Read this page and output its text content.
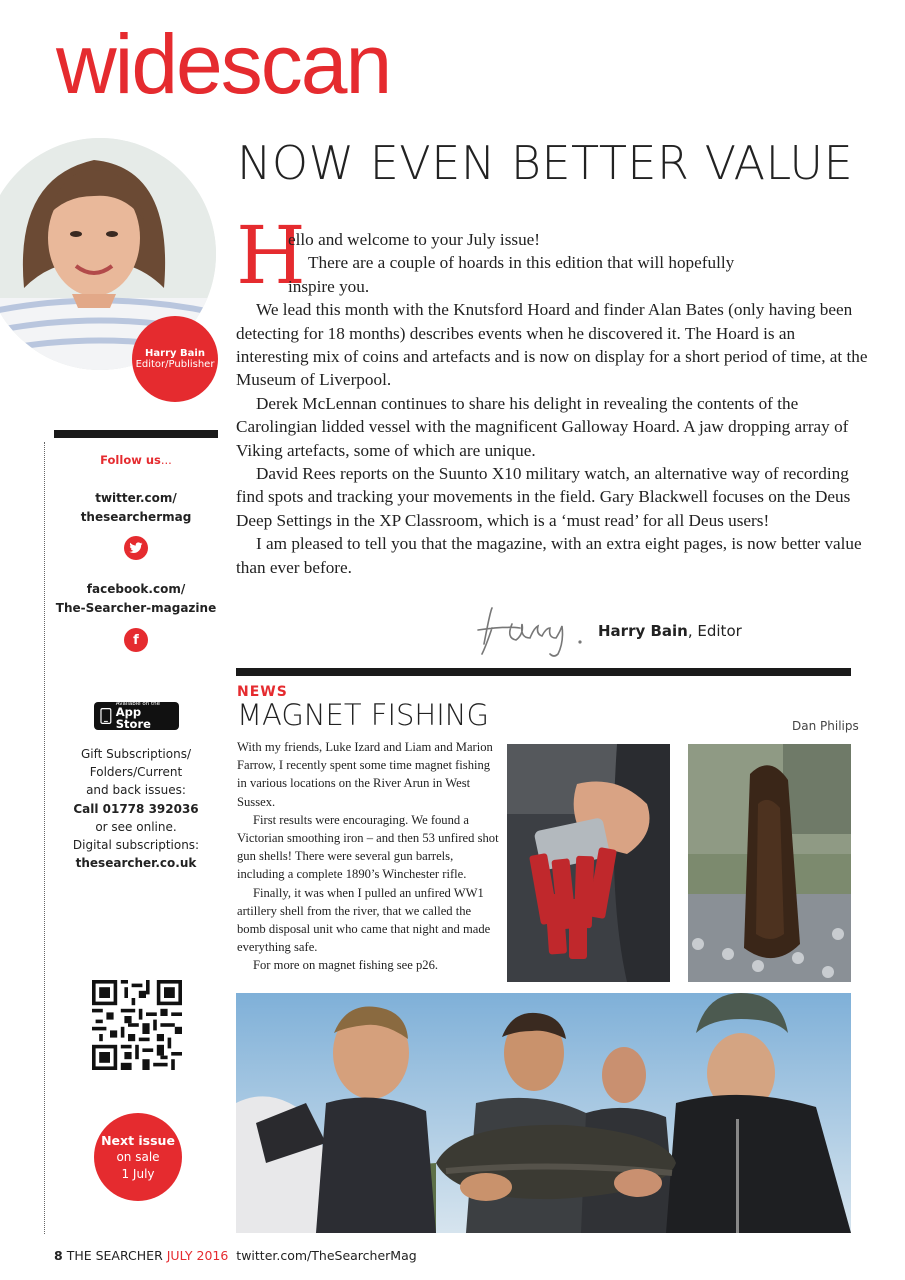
widescan
Harry Bain
Editor/Publisher
NOW EVEN BETTER VALUE
H

ello and welcome to your July issue!

There are a couple of hoards in this edition that will hopefully

inspire you.

We lead this month with the Knutsford Hoard and finder Alan Bates (only having been detecting for 18 months) describes events when he discovered it. The Hoard is an interesting mix of coins and artefacts and is now on display for a short period of time, at the Museum of Liverpool.

Derek McLennan continues to share his delight in revealing the contents of the Carolingian lidded vessel with the magnificent Galloway Hoard. A jaw dropping array of Viking artefacts, some of which are unique.

David Rees reports on the Suunto X10 military watch, an alternative way of recording find spots and tracking your movements in the field. Gary Blackwell focuses on the Deus Deep Settings in the XP Classroom, which is a ‘must read’ for all Deus users!

I am pleased to tell you that the magazine, with an extra eight pages, is now better value than ever before.

Harry Bain, Editor
Follow us...
twitter.com/
thesearchermag
facebook.com/
The-Searcher-magazine
f
Available on the
App Store
Gift Subscriptions/
Folders/Current
and back issues:
Call 01778 392036
or see online.
Digital subscriptions:
thesearcher.co.uk
Next issue
on sale
1 July
NEWS
MAGNET FISHING	Dan Philips

With my friends, Luke Izard and Liam and Marion Farrow, I recently spent some time magnet fishing in various locations on the River Arun in West Sussex.

First results were encouraging. We found a Victorian smoothing iron – and then 53 unfired shot gun shells! There were several gun barrels, including a complete 1890’s Winchester rifle.

Finally, it was when I pulled an unfired WW1 artillery shell from the river, that we called the bomb disposal unit who came that night and made everything safe.

For more on magnet fishing see p26.

8 THE SEARCHER JULY 2016 twitter.com/TheSearcherMag
